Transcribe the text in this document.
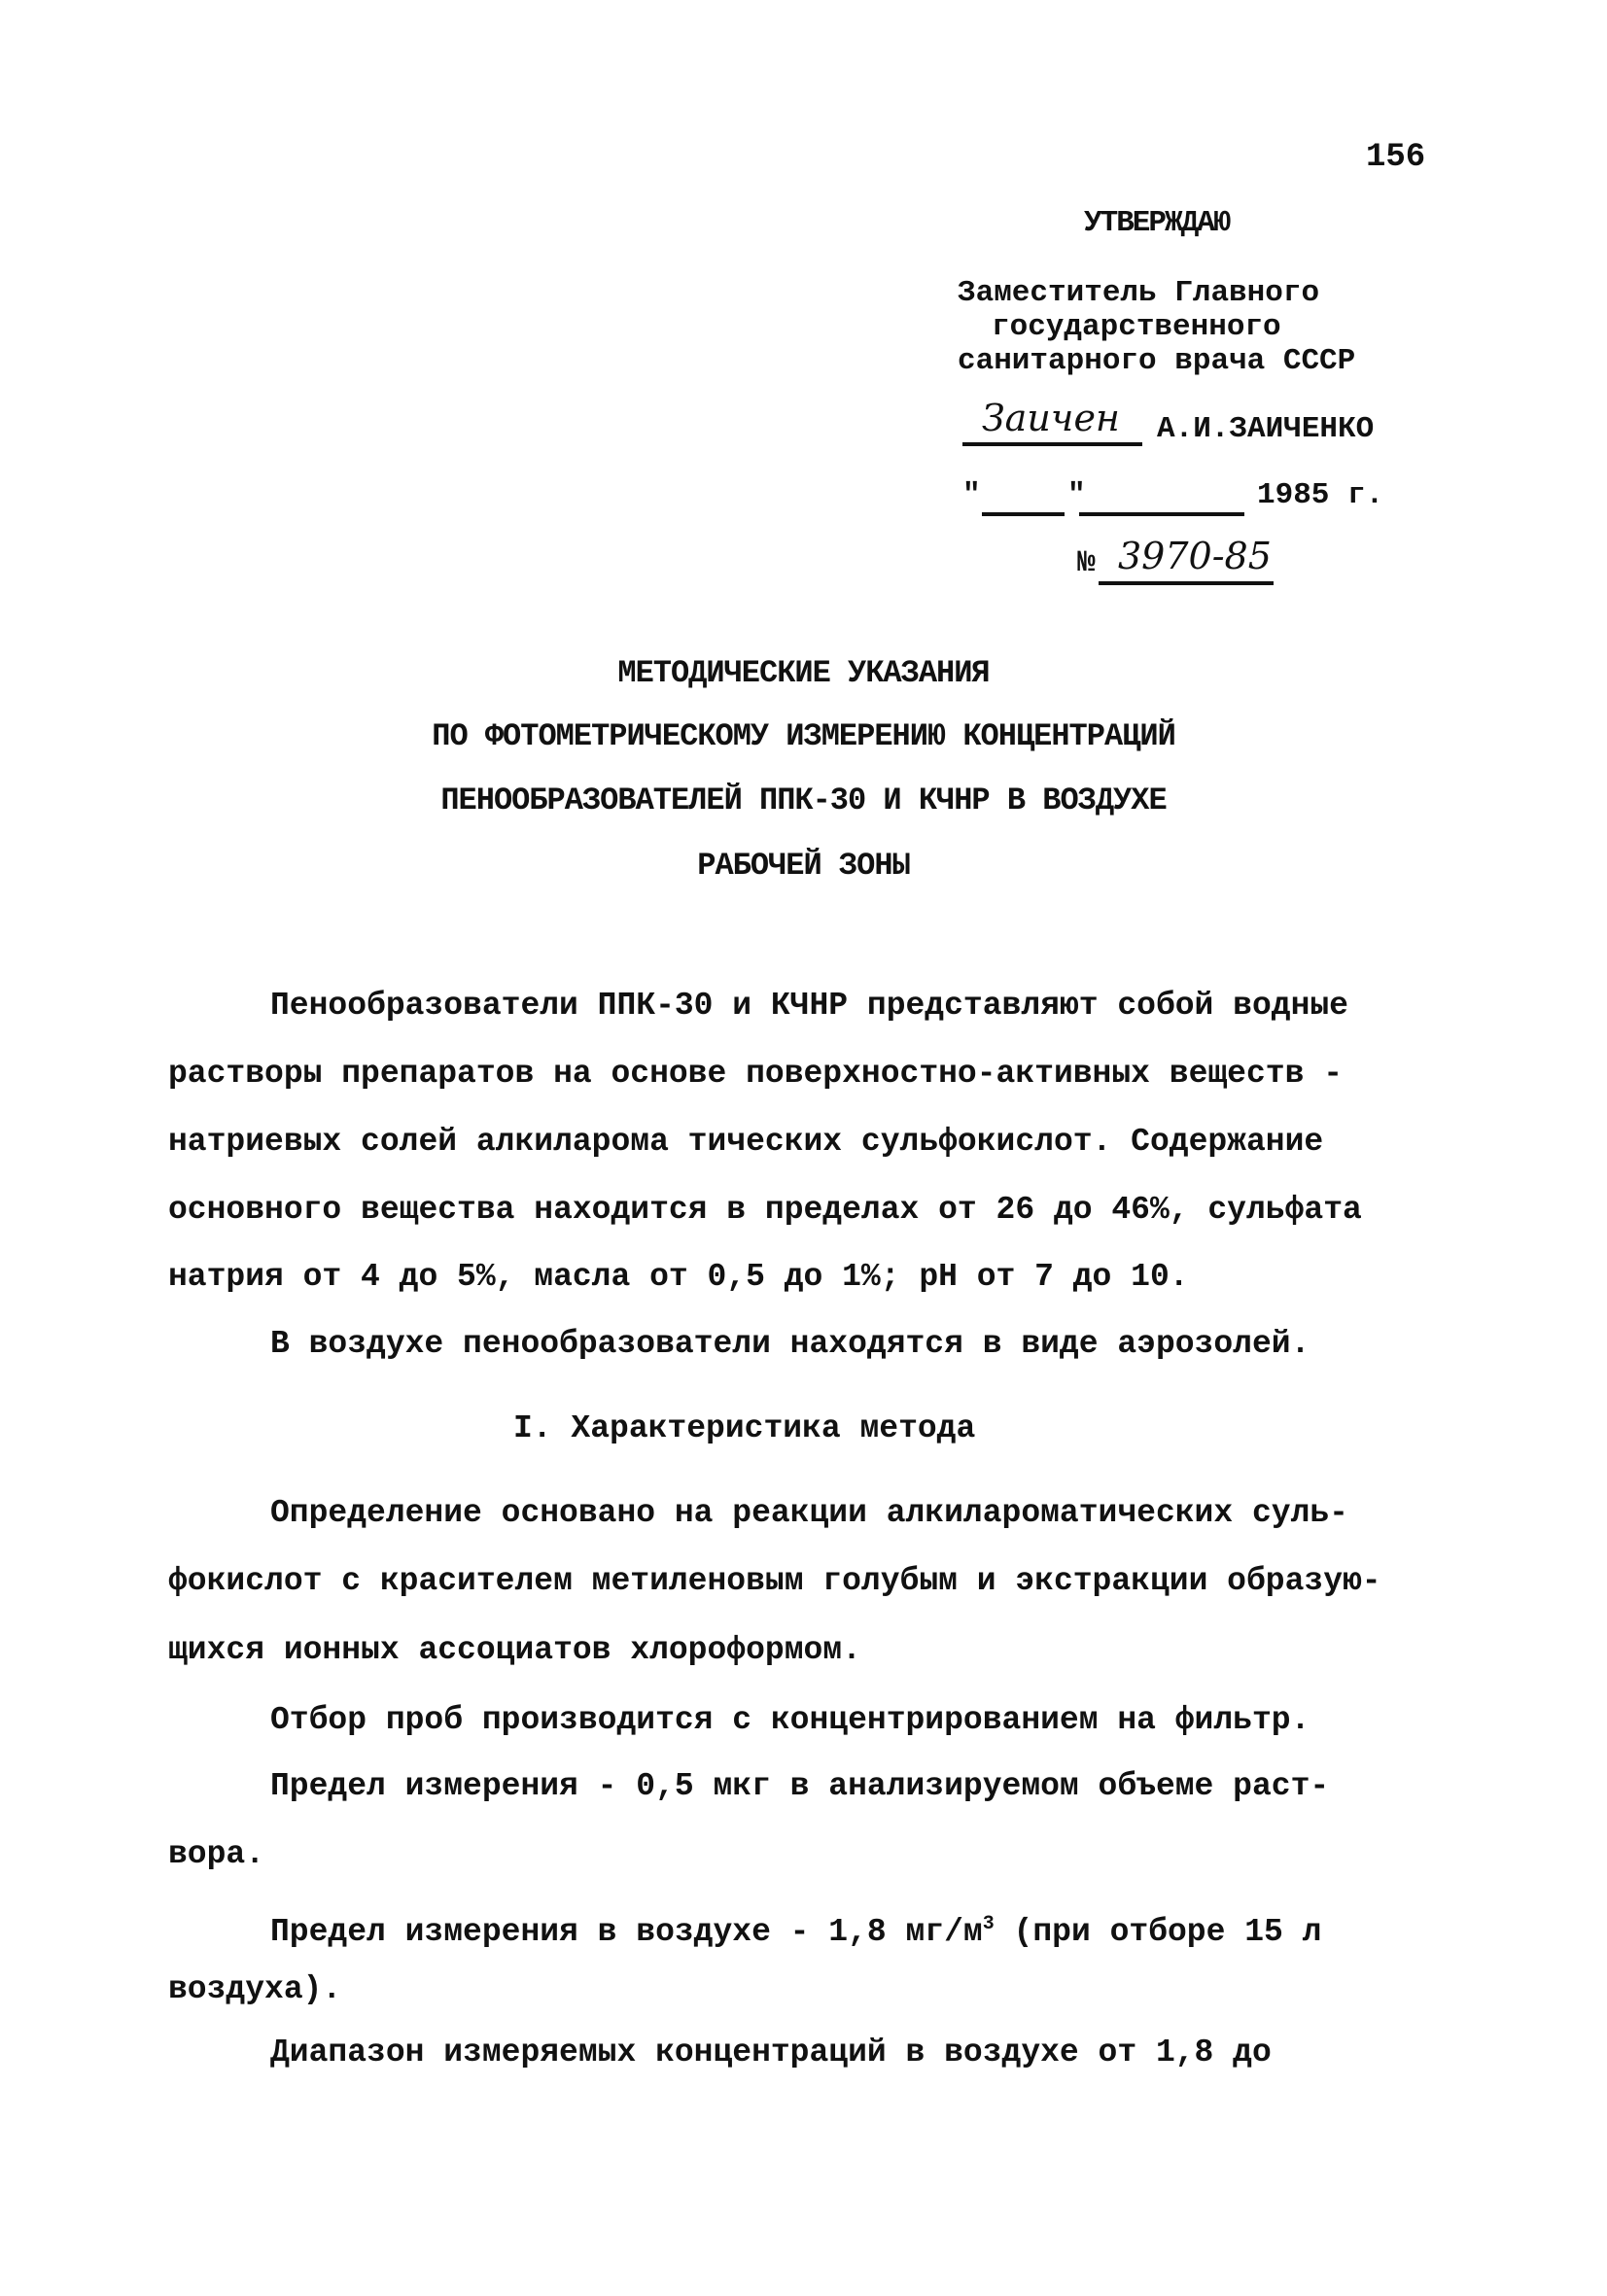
156
УТВЕРЖДАЮ
Заместитель Главного
государственного
санитарного врача СССР
Заичен А.И.ЗАИЧЕНКО
"	"	1985 г.
№ 3970-85
МЕТОДИЧЕСКИЕ УКАЗАНИЯ
ПО ФОТОМЕТРИЧЕСКОМУ ИЗМЕРЕНИЮ КОНЦЕНТРАЦИЙ
ПЕНООБРАЗОВАТЕЛЕЙ ППК-30 И КЧНР В ВОЗДУХЕ
РАБОЧЕЙ ЗОНЫ
Пенообразователи ППК-30 и КЧНР представляют собой водные
растворы препаратов на основе поверхностно-активных веществ -
натриевых солей алкиларома тических сульфокислот. Содержание
основного вещества находится в пределах от 26 до 46%, сульфата
натрия от 4 до 5%, масла от 0,5 до 1%; pH от 7 до 10.
В воздухе пенообразователи находятся в виде аэрозолей.
I. Характеристика метода
Определение основано на реакции алкилароматических суль-
фокислот с красителем метиленовым голубым и экстракции образую-
щихся ионных ассоциатов хлороформом.
Отбор проб производится с концентрированием на фильтр.
Предел измерения - 0,5 мкг в анализируемом объеме раст-
вора.
Предел измерения в воздухе - 1,8 $мг/м^3$ (при отборе 15 л
воздуха).
Диапазон измеряемых концентраций в воздухе от 1,8 до
